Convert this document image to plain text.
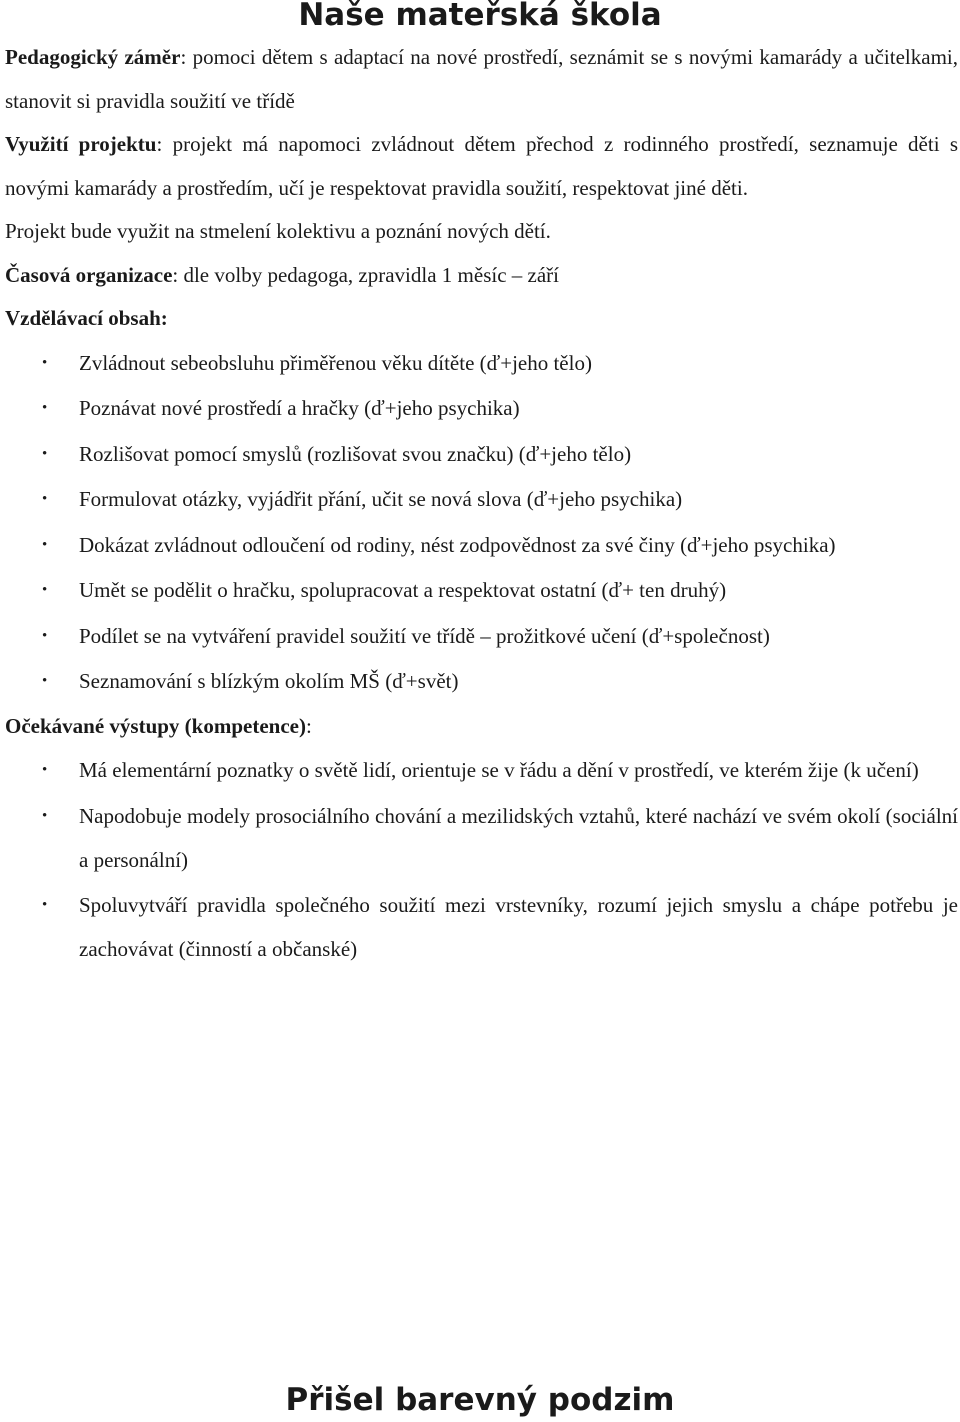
Naše mateřská škola

Pedagogický záměr: pomoci dětem s adaptací na nové prostředí, seznámit se s novými kamarády a učitelkami, stanovit si pravidla soužití ve třídě

Využití projektu: projekt má napomoci zvládnout dětem přechod z rodinného prostředí, seznamuje děti s novými kamarády a prostředím, učí je respektovat pravidla soužití, respektovat jiné děti.

Projekt bude využit na stmelení kolektivu a poznání nových dětí.

Časová organizace: dle volby pedagoga, zpravidla 1 měsíc – září

Vzdělávací obsah:

• Zvládnout sebeobsluhu přiměřenou věku dítěte (ď+jeho tělo)
• Poznávat nové prostředí a hračky (ď+jeho psychika)
• Rozlišovat pomocí smyslů (rozlišovat svou značku) (ď+jeho tělo)
• Formulovat otázky, vyjádřit přání, učit se nová slova (ď+jeho psychika)
• Dokázat zvládnout odloučení od rodiny, nést zodpovědnost za své činy (ď+jeho psychika)
• Umět se podělit o hračku, spolupracovat a respektovat ostatní (ď+ ten druhý)
• Podílet se na vytváření pravidel soužití ve třídě – prožitkové učení (ď+společnost)
• Seznamování s blízkým okolím MŠ (ď+svět)

Očekávané výstupy (kompetence):

• Má elementární poznatky o světě lidí, orientuje se v řádu a dění v prostředí, ve kterém žije (k učení)
• Napodobuje modely prosociálního chování a mezilidských vztahů, které nachází ve svém okolí (sociální a personální)
• Spoluvytváří pravidla společného soužití mezi vrstevníky, rozumí jejich smyslu a chápe potřebu je zachovávat (činností a občanské)
Přišel barevný podzim
